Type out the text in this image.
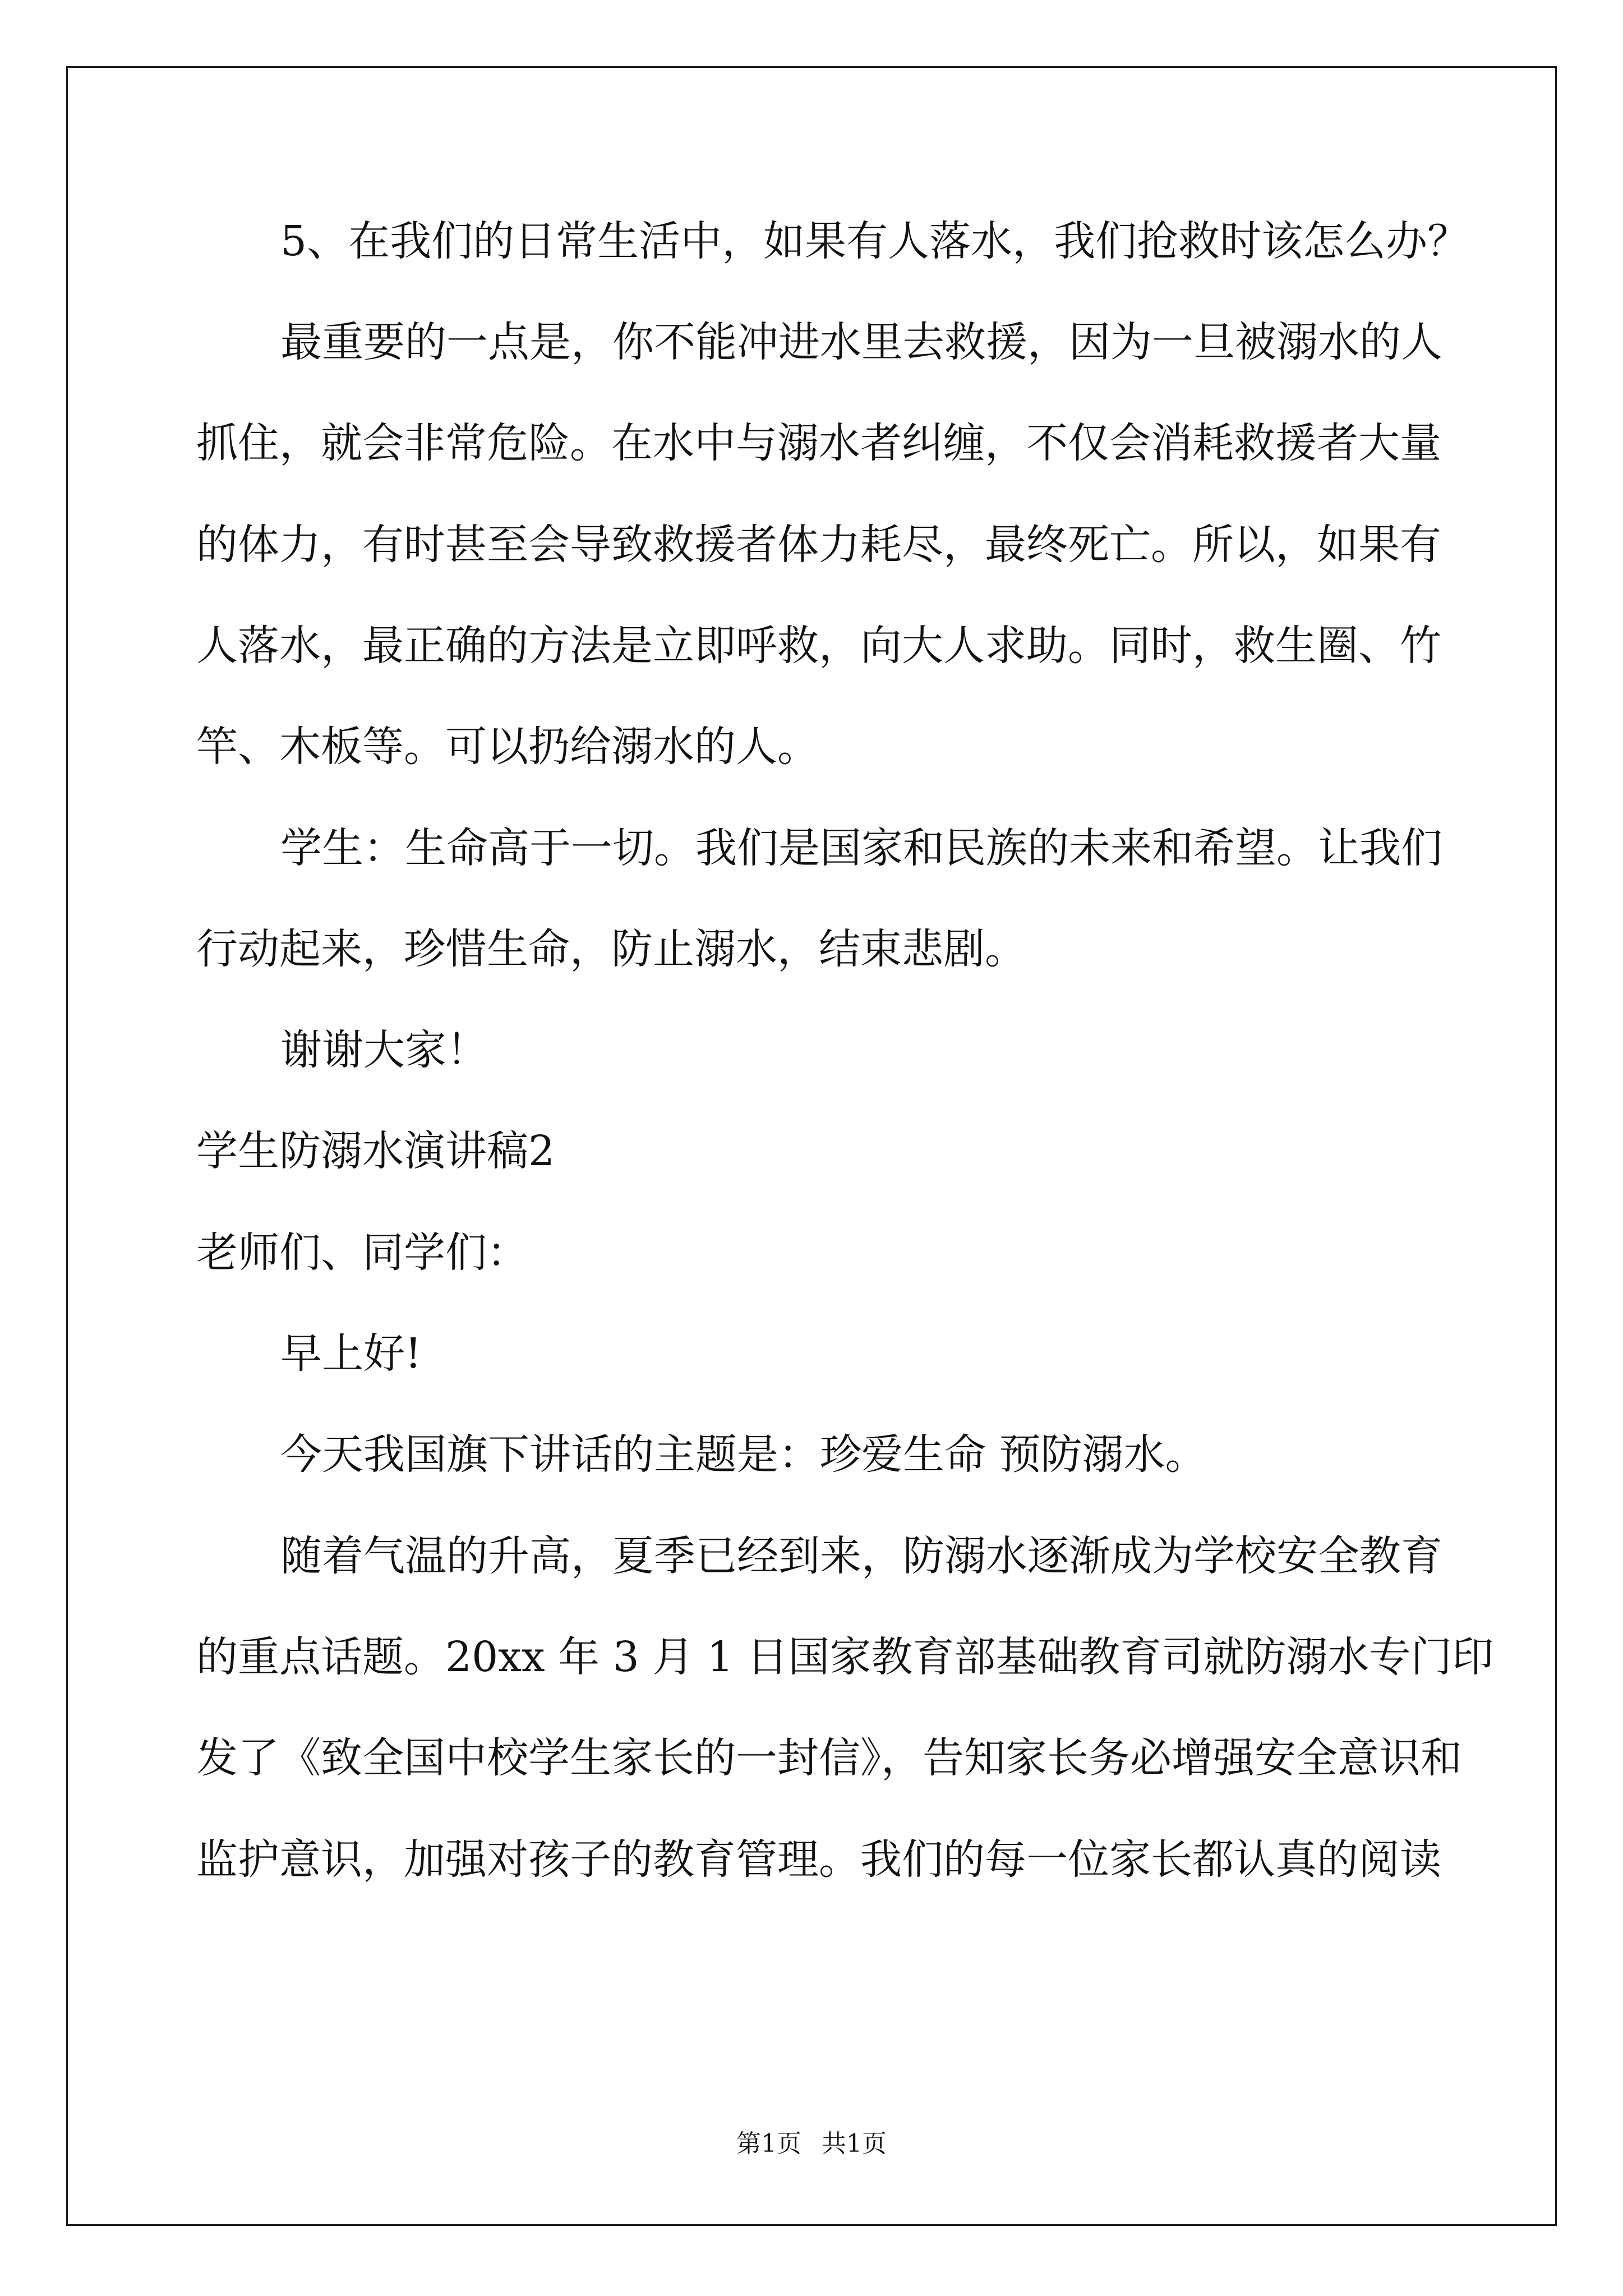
5、在我们的日常生活中，如果有人落水，我们抢救时该怎么办？
最重要的一点是，你不能冲进水里去救援，因为一旦被溺水的人
抓住，就会非常危险。在水中与溺水者纠缠，不仅会消耗救援者大量
的体力，有时甚至会导致救援者体力耗尽，最终死亡。所以，如果有
人落水，最正确的方法是立即呼救，向大人求助。同时，救生圈、竹
竿、木板等。可以扔给溺水的人。
学生：生命高于一切。我们是国家和民族的未来和希望。让我们
行动起来，珍惜生命，防止溺水，结束悲剧。
谢谢大家！
学生防溺水演讲稿2
老师们、同学们：
早上好!
今天我国旗下讲话的主题是：珍爱生命 预防溺水。
随着气温的升高，夏季已经到来，防溺水逐渐成为学校安全教育
的重点话题。20xx 年 3 月 1 日国家教育部基础教育司就防溺水专门印
发了《致全国中校学生家长的一封信》，告知家长务必增强安全意识和
监护意识，加强对孩子的教育管理。我们的每一位家长都认真的阅读
第1页 共1页
